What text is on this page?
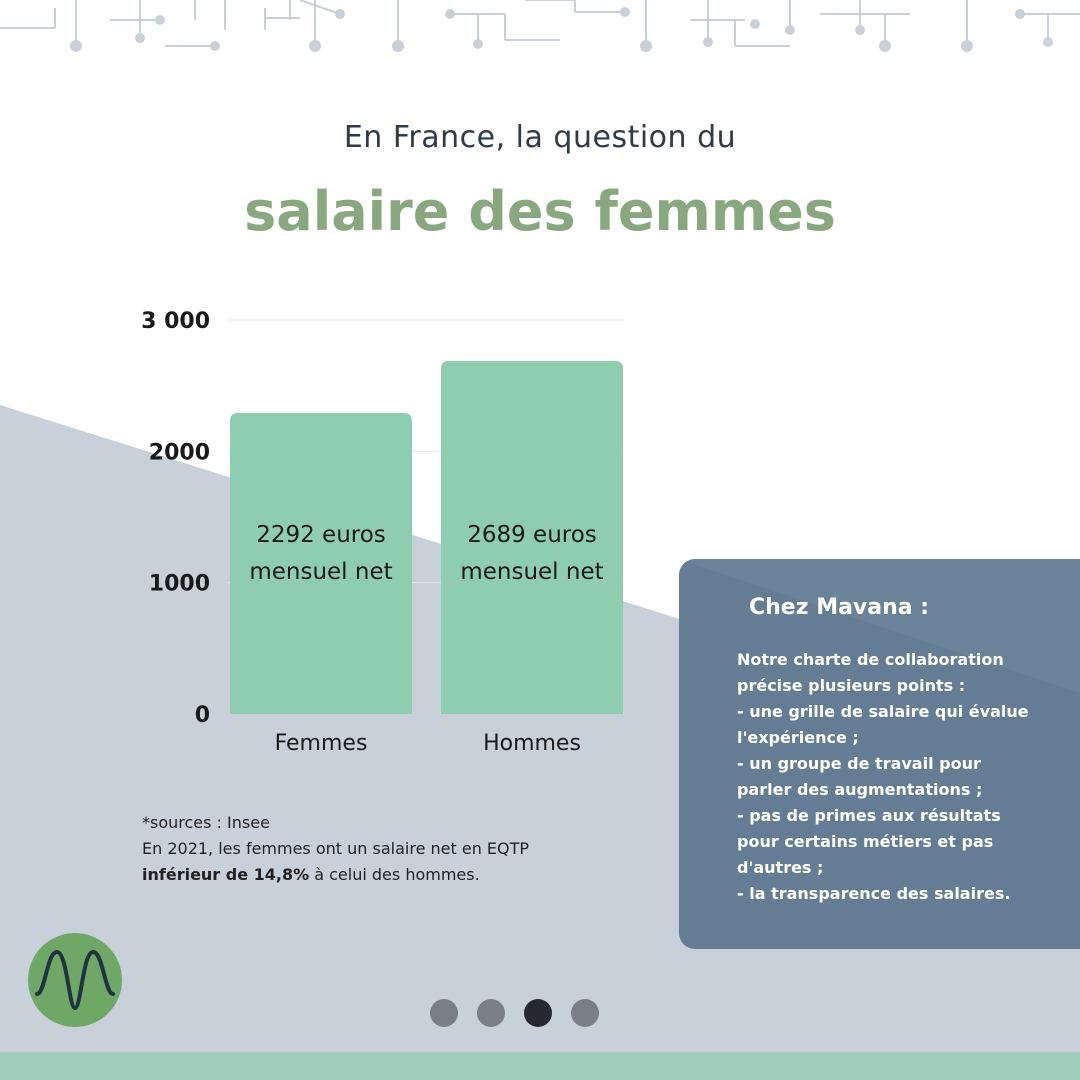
En France, la question du
salaire des femmes
0
1000
2000
3 000
2292 euros
mensuel net
2689 euros
mensuel net
Femmes	Hommes
*sources : Insee
En 2021, les femmes ont un salaire net en EQTP
inférieur de 14,8% à celui des hommes.
Chez Mavana :
Notre charte de collaboration
précise plusieurs points :
- une grille de salaire qui évalue
l'expérience ;
- un groupe de travail pour
parler des augmentations ;
- pas de primes aux résultats
pour certains métiers et pas
d'autres ;
- la transparence des salaires.
